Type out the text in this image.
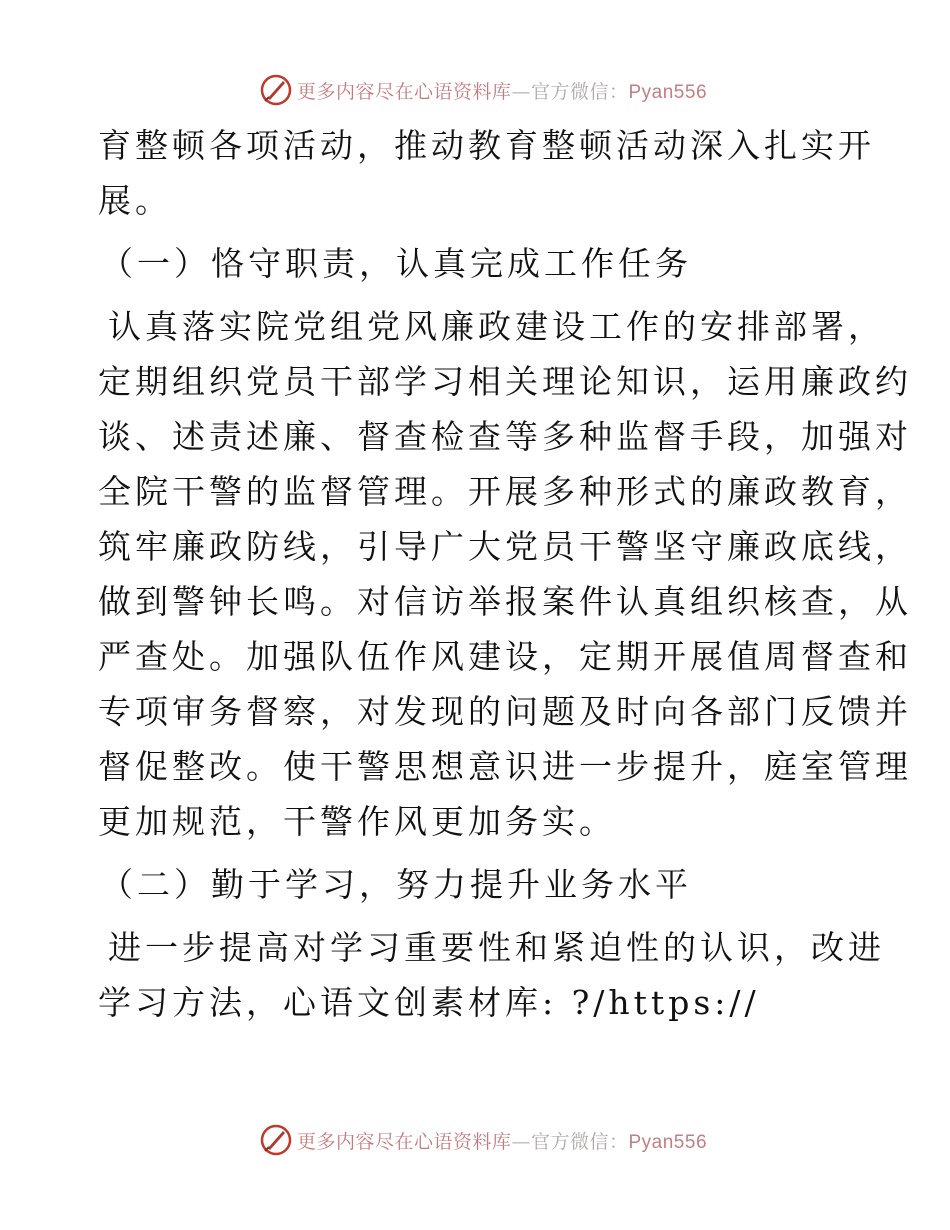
更多内容尽在心语资料库—官方微信：Pyan556
育整顿各项活动，推动教育整顿活动深入扎实开
展。
（一）恪守职责，认真完成工作任务
认真落实院党组党风廉政建设工作的安排部署，
定期组织党员干部学习相关理论知识，运用廉政约
谈、述责述廉、督查检查等多种监督手段，加强对
全院干警的监督管理。开展多种形式的廉政教育，
筑牢廉政防线，引导广大党员干警坚守廉政底线，
做到警钟长鸣。对信访举报案件认真组织核查，从
严查处。加强队伍作风建设，定期开展值周督查和
专项审务督察，对发现的问题及时向各部门反馈并
督促整改。使干警思想意识进一步提升，庭室管理
更加规范，干警作风更加务实。
（二）勤于学习，努力提升业务水平
进一步提高对学习重要性和紧迫性的认识，改进
学习方法，心语文创素材库: ?/https://
更多内容尽在心语资料库—官方微信：Pyan556
